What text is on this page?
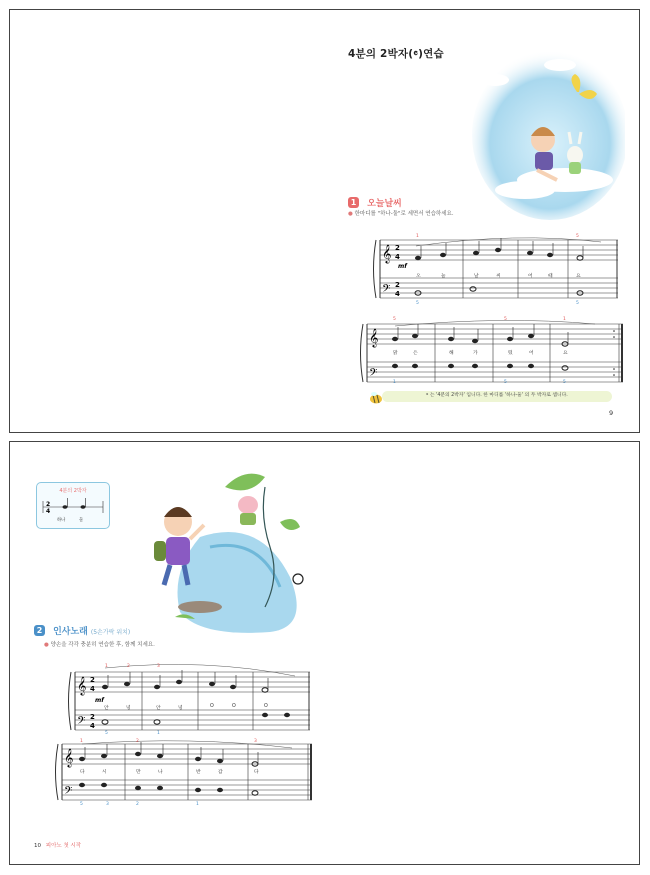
4분의 2박자(𝄴)연습
1 오늘날씨
● 한마디를 "하나-둘"로 세면서 연습하세요.
𝄞
𝄢
2
4
2
4
mf
1	5
오	늘	날	씨	어	때	요
5	5
𝄞
𝄢
5	5	1
맑	은	해	가	떴	어	요
1	5	5
𝄴 는 '4분의 2박자' 입니다. 한 마디를 '하나-둘' 의 두 박자로 셉니다.
9
4분의 2박자
2
4
하나	둘
2 인사노래 (5손가락 위치)
● 양손을 각각 충분히 연습한 후, 함께 치세요.
𝄞
𝄢
2
4
2
4
mf
1	2	3
안	녕	안	녕	O	O	O
5	1
𝄞
𝄢
1	2	3
다	시	만	나	반	갑	다
5	3	2	1
10 피아노 첫 시작
